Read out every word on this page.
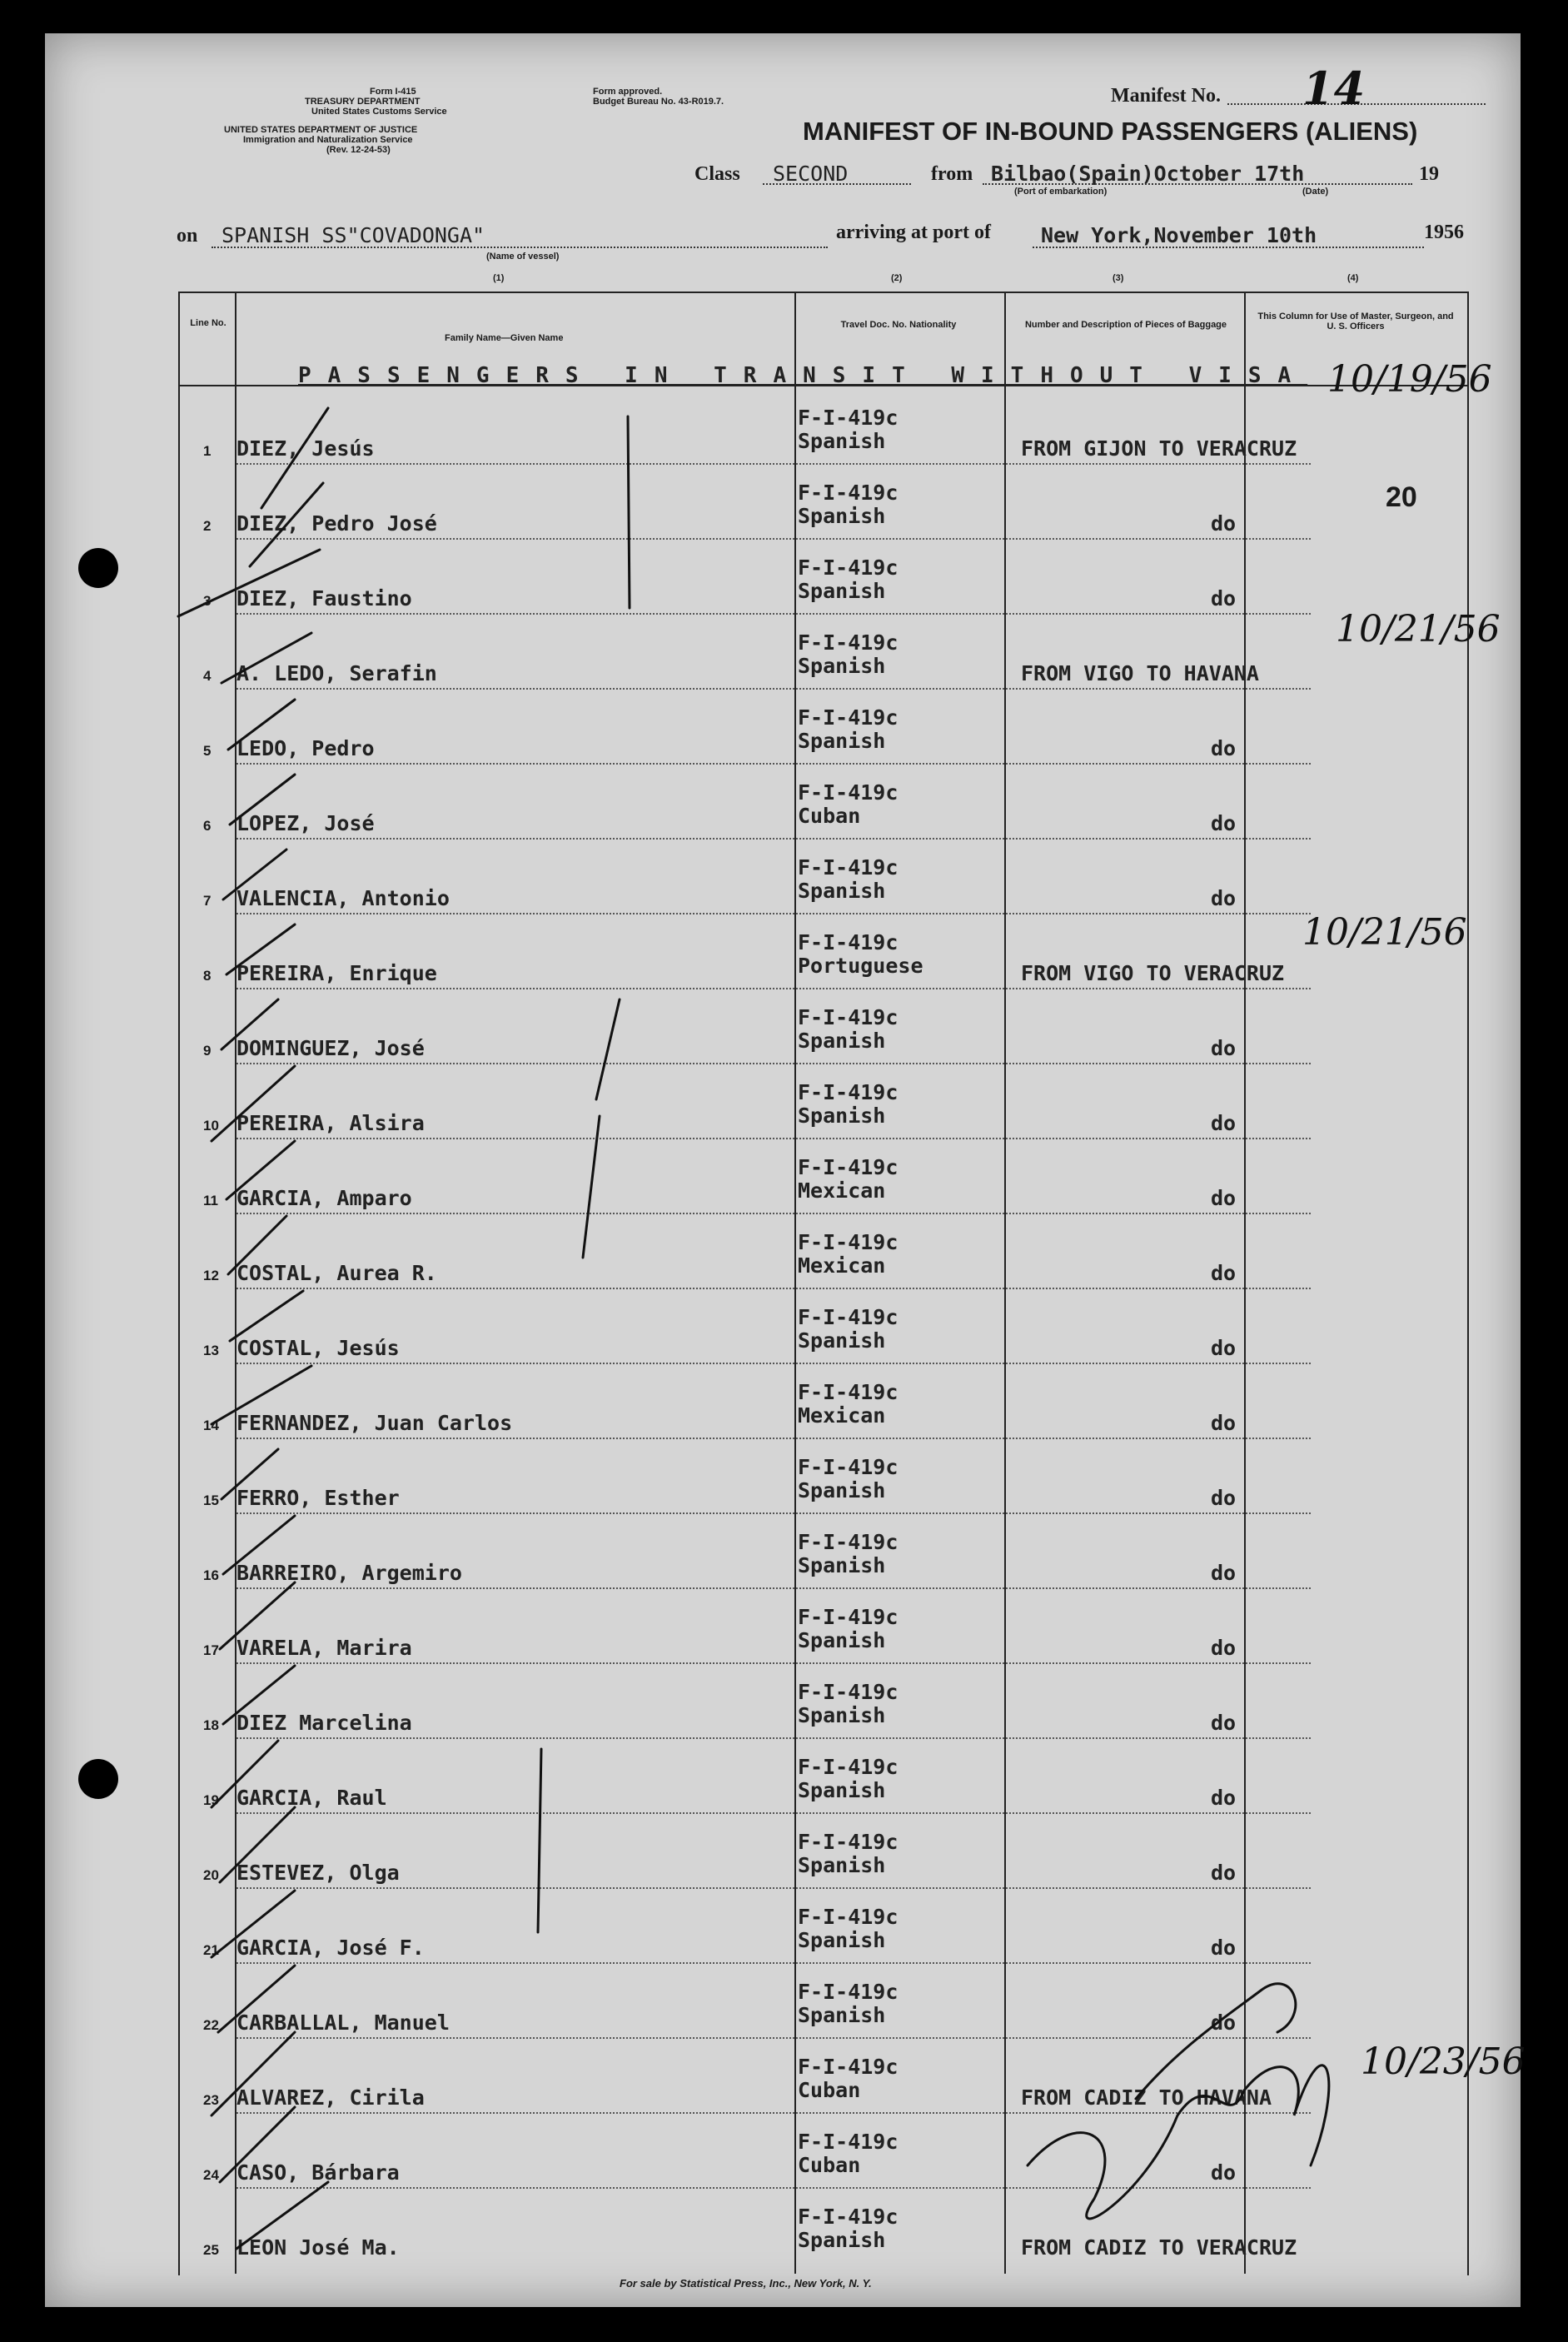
Form I-415
TREASURY DEPARTMENT
United States Customs Service
UNITED STATES DEPARTMENT OF JUSTICE
Immigration and Naturalization Service
(Rev. 12-24-53)
Form approved.
Budget Bureau No. 43-R019.7.	Manifest No. 14
MANIFEST OF IN-BOUND PASSENGERS (ALIENS)
Class SECOND	from Bilbao(Spain)October 17th	19
(Port of embarkation)	(Date)
on SPANISH SS"COVADONGA"
(Name of vessel)
arriving at port of New York,November 10th	1956
(1)	(2)	(3)	(4)
Line No.
Family Name—Given Name
Travel Doc. No. Nationality	Number and Description of Pieces of Baggage
This Column for Use of Master, Surgeon, and U. S. Officers
PASSENGERS IN TRANSIT WITHOUT VISA
1 DIEZ, Jesús
F-I-419c
Spanish	FROM GIJON TO VERACRUZ
2 DIEZ, Pedro José
F-I-419c
Spanish	do
3 DIEZ, Faustino
F-I-419c
Spanish	do
4 A. LEDO, Serafin
F-I-419c
Spanish	FROM VIGO TO HAVANA
5 LEDO, Pedro
F-I-419c
Spanish	do
6 LOPEZ, José
F-I-419c
Cuban	do
7 VALENCIA, Antonio
F-I-419c
Spanish	do
8 PEREIRA, Enrique
F-I-419c
Portuguese	FROM VIGO TO VERACRUZ
9 DOMINGUEZ, José
F-I-419c
Spanish	do
10 PEREIRA, Alsira
F-I-419c
Spanish	do
11 GARCIA, Amparo
F-I-419c
Mexican	do
12 COSTAL, Aurea R.
F-I-419c
Mexican	do
13 COSTAL, Jesús
F-I-419c
Spanish	do
14 FERNANDEZ, Juan Carlos
F-I-419c
Mexican	do
15 FERRO, Esther
F-I-419c
Spanish	do
16 BARREIRO, Argemiro
F-I-419c
Spanish	do
17 VARELA, Marira
F-I-419c
Spanish	do
18 DIEZ Marcelina
F-I-419c
Spanish	do
19 GARCIA, Raul
F-I-419c
Spanish	do
20 ESTEVEZ, Olga
F-I-419c
Spanish	do
21 GARCIA, José F.
F-I-419c
Spanish	do
22 CARBALLAL, Manuel
F-I-419c
Spanish	do
23 ALVAREZ, Cirila
F-I-419c
Cuban	FROM CADIZ TO HAVANA
24 CASO, Bárbara
F-I-419c
Cuban	do
25 LEON José Ma.
F-I-419c
Spanish	FROM CADIZ TO VERACRUZ
10/19/56
20
10/21/56
10/21/56
10/23/56
For sale by Statistical Press, Inc., New York, N. Y.
